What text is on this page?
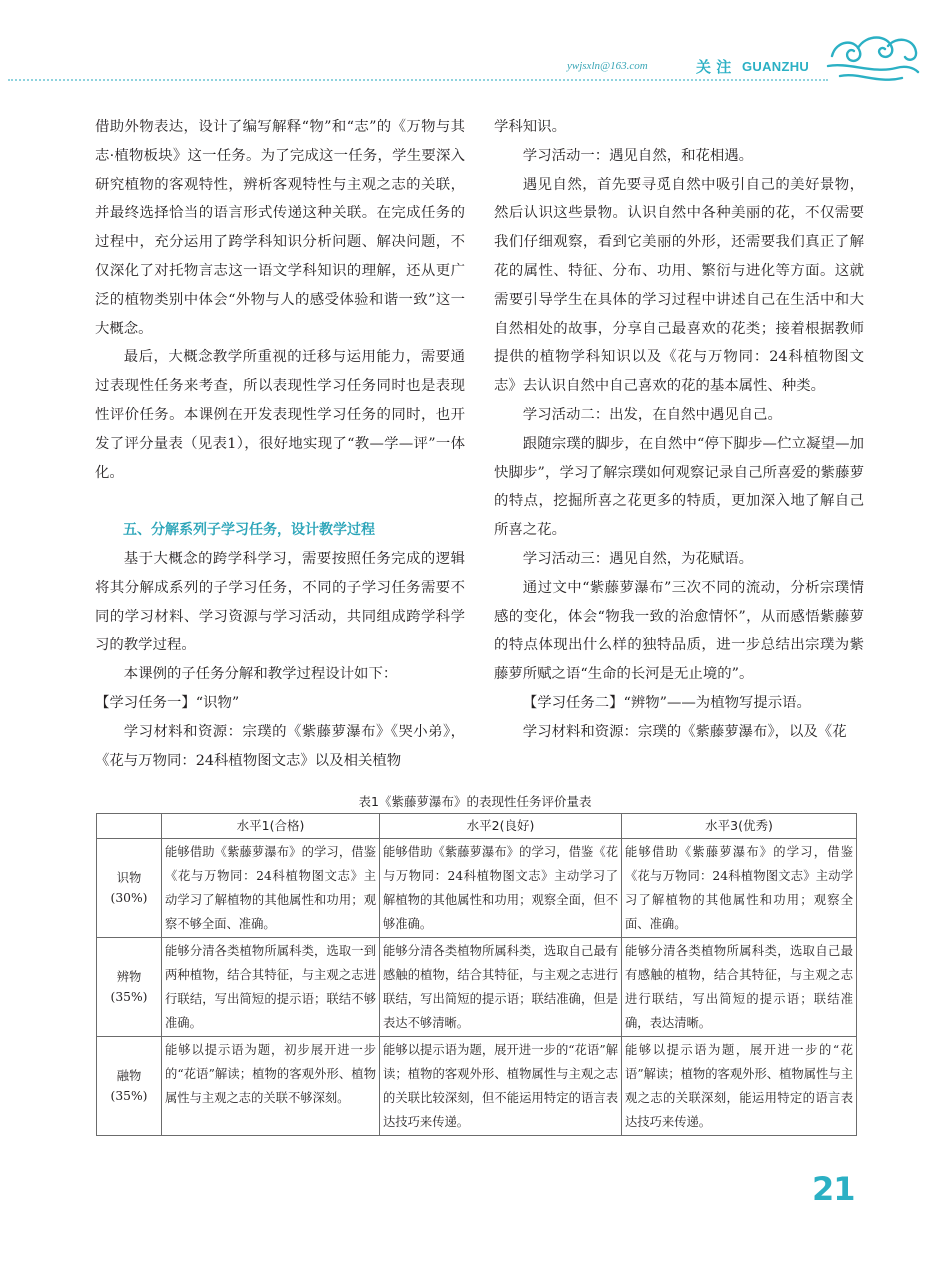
ywjsxln@163.com	关 注 GUANZHU

借助外物表达，设计了编写解释“物”和“志”的《万物与其志·植物板块》这一任务。为了完成这一任务，学生要深入研究植物的客观特性，辨析客观特性与主观之志的关联，并最终选择恰当的语言形式传递这种关联。在完成任务的过程中，充分运用了跨学科知识分析问题、解决问题，不仅深化了对托物言志这一语文学科知识的理解，还从更广泛的植物类别中体会“外物与人的感受体验和谐一致”这一大概念。

最后，大概念教学所重视的迁移与运用能力，需要通过表现性任务来考查，所以表现性学习任务同时也是表现性评价任务。本课例在开发表现性学习任务的同时，也开发了评分量表（见表1），很好地实现了“教—学—评”一体化。

五、分解系列子学习任务，设计教学过程

基于大概念的跨学科学习，需要按照任务完成的逻辑将其分解成系列的子学习任务，不同的子学习任务需要不同的学习材料、学习资源与学习活动，共同组成跨学科学习的教学过程。

本课例的子任务分解和教学过程设计如下：

【学习任务一】“识物”

学习材料和资源：宗璞的《紫藤萝瀑布》《哭小弟》，《花与万物同：24科植物图文志》以及相关植物

学科知识。

学习活动一：遇见自然，和花相遇。

遇见自然，首先要寻觅自然中吸引自己的美好景物，然后认识这些景物。认识自然中各种美丽的花，不仅需要我们仔细观察，看到它美丽的外形，还需要我们真正了解花的属性、特征、分布、功用、繁衍与进化等方面。这就需要引导学生在具体的学习过程中讲述自己在生活中和大自然相处的故事，分享自己最喜欢的花类；接着根据教师提供的植物学科知识以及《花与万物同：24科植物图文志》去认识自然中自己喜欢的花的基本属性、种类。

学习活动二：出发，在自然中遇见自己。

跟随宗璞的脚步，在自然中“停下脚步—伫立凝望—加快脚步”，学习了解宗璞如何观察记录自己所喜爱的紫藤萝的特点，挖掘所喜之花更多的特质，更加深入地了解自己所喜之花。

学习活动三：遇见自然，为花赋语。

通过文中“紫藤萝瀑布”三次不同的流动，分析宗璞情感的变化，体会“物我一致的治愈情怀”，从而感悟紫藤萝的特点体现出什么样的独特品质，进一步总结出宗璞为紫藤萝所赋之语“生命的长河是无止境的”。

【学习任务二】“辨物”——为植物写提示语。

学习材料和资源：宗璞的《紫藤萝瀑布》，以及《花

表1《紫藤萝瀑布》的表现性任务评价量表
	水平1(合格)	水平2(良好)	水平3(优秀)

识物
(30%)	能够借助《紫藤萝瀑布》的学习，借鉴《花与万物同：24科植物图文志》主动学习了解植物的其他属性和功用；观察不够全面、准确。	能够借助《紫藤萝瀑布》的学习，借鉴《花与万物同：24科植物图文志》主动学习了解植物的其他属性和功用；观察全面，但不够准确。	能够借助《紫藤萝瀑布》的学习，借鉴《花与万物同：24科植物图文志》主动学习了解植物的其他属性和功用；观察全面、准确。

辨物
(35%)	能够分清各类植物所属科类，选取一到两种植物，结合其特征，与主观之志进行联结，写出简短的提示语；联结不够准确。	能够分清各类植物所属科类，选取自己最有感触的植物，结合其特征，与主观之志进行联结，写出简短的提示语；联结准确，但是表达不够清晰。	能够分清各类植物所属科类，选取自己最有感触的植物，结合其特征，与主观之志进行联结，写出简短的提示语；联结准确，表达清晰。

融物
(35%)	能够以提示语为题，初步展开进一步的“花语”解读；植物的客观外形、植物属性与主观之志的关联不够深刻。	能够以提示语为题，展开进一步的“花语”解读；植物的客观外形、植物属性与主观之志的关联比较深刻，但不能运用特定的语言表达技巧来传递。	能够以提示语为题，展开进一步的“花语”解读；植物的客观外形、植物属性与主观之志的关联深刻，能运用特定的语言表达技巧来传递。
21
